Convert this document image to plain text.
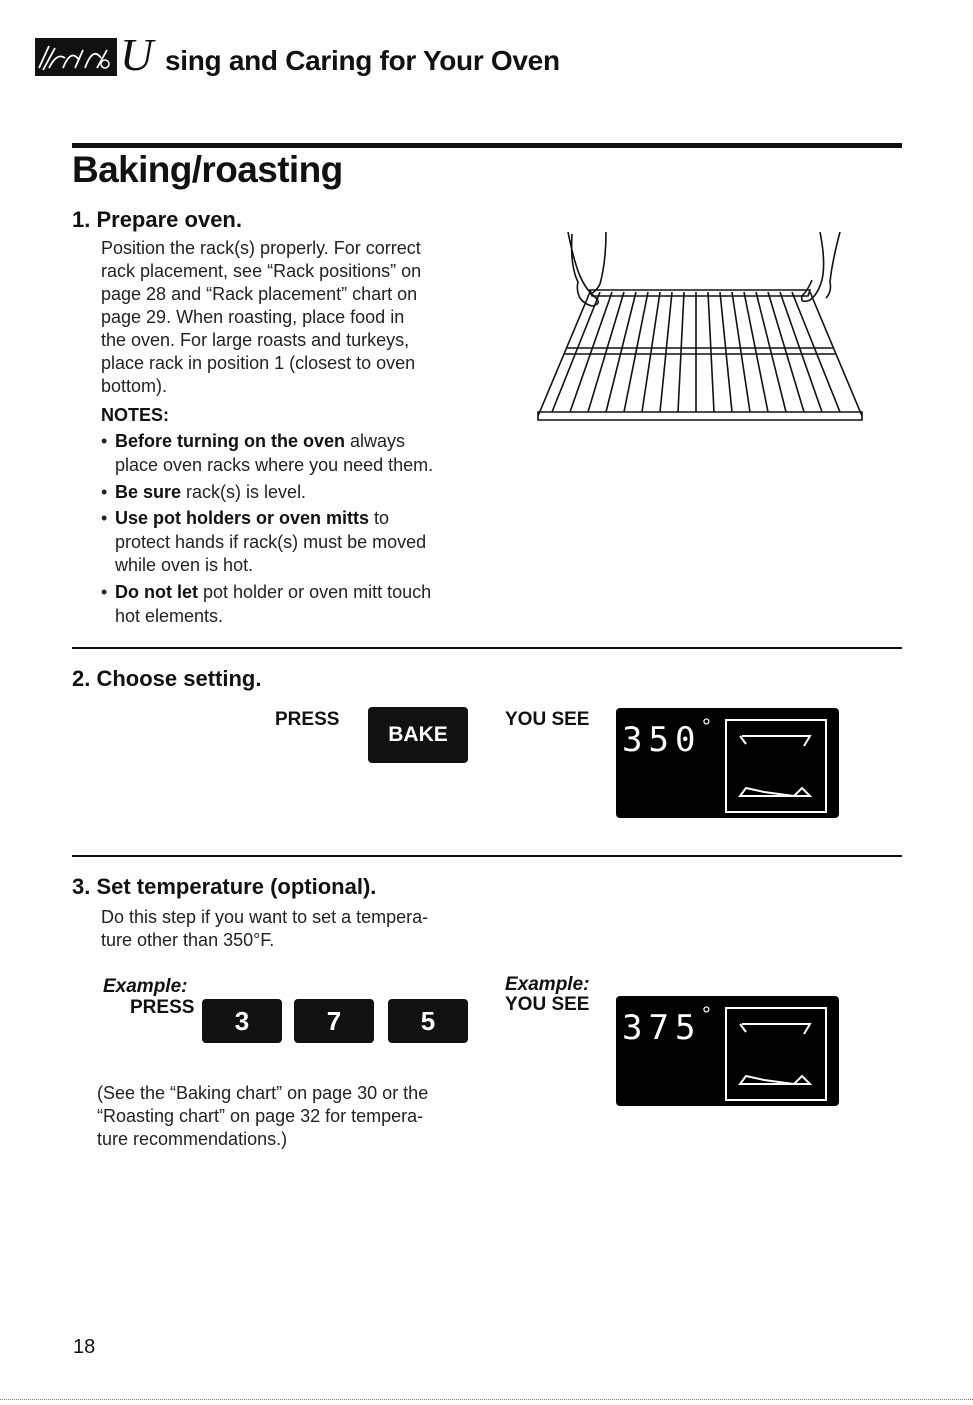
U sing and Caring for Your Oven
Baking/roasting
1. Prepare oven.
Position the rack(s) properly. For correct
rack placement, see “Rack positions” on
page 28 and “Rack placement” chart on
page 29. When roasting, place food in
the oven. For large roasts and turkeys,
place rack in position 1 (closest to oven
bottom).
NOTES:
• Before turning on the oven always
place oven racks where you need them.
• Be sure rack(s) is level.
• Use pot holders or oven mitts to
protect hands if rack(s) must be moved
while oven is hot.
• Do not let pot holder or oven mitt touch
hot elements.
2. Choose setting.
PRESS
BAKE
YOU SEE
350 °
3. Set temperature (optional).
Do this step if you want to set a tempera-
ture other than 350°F.
Example:
PRESS	3	7	5
Example:
YOU SEE
375 °
(See the “Baking chart” on page 30 or the
“Roasting chart” on page 32 for tempera-
ture recommendations.)
18
